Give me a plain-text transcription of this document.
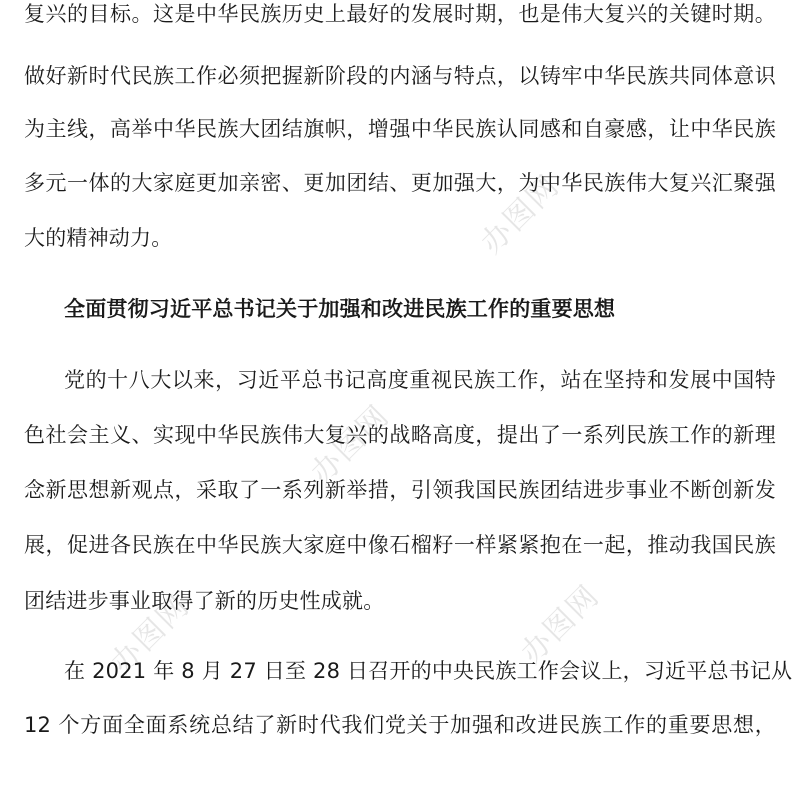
办图网
办图网
办图网
办图网
复兴的目标。这是中华民族历史上最好的发展时期，也是伟大复兴的关键时期。
做好新时代民族工作必须把握新阶段的内涵与特点，以铸牢中华民族共同体意识
为主线，高举中华民族大团结旗帜，增强中华民族认同感和自豪感，让中华民族
多元一体的大家庭更加亲密、更加团结、更加强大，为中华民族伟大复兴汇聚强
大的精神动力。
全面贯彻习近平总书记关于加强和改进民族工作的重要思想
党的十八大以来，习近平总书记高度重视民族工作，站在坚持和发展中国特
色社会主义、实现中华民族伟大复兴的战略高度，提出了一系列民族工作的新理
念新思想新观点，采取了一系列新举措，引领我国民族团结进步事业不断创新发
展，促进各民族在中华民族大家庭中像石榴籽一样紧紧抱在一起，推动我国民族
团结进步事业取得了新的历史性成就。
在 2021 年 8 月 27 日至 28 日召开的中央民族工作会议上，习近平总书记从
12 个方面全面系统总结了新时代我们党关于加强和改进民族工作的重要思想，
